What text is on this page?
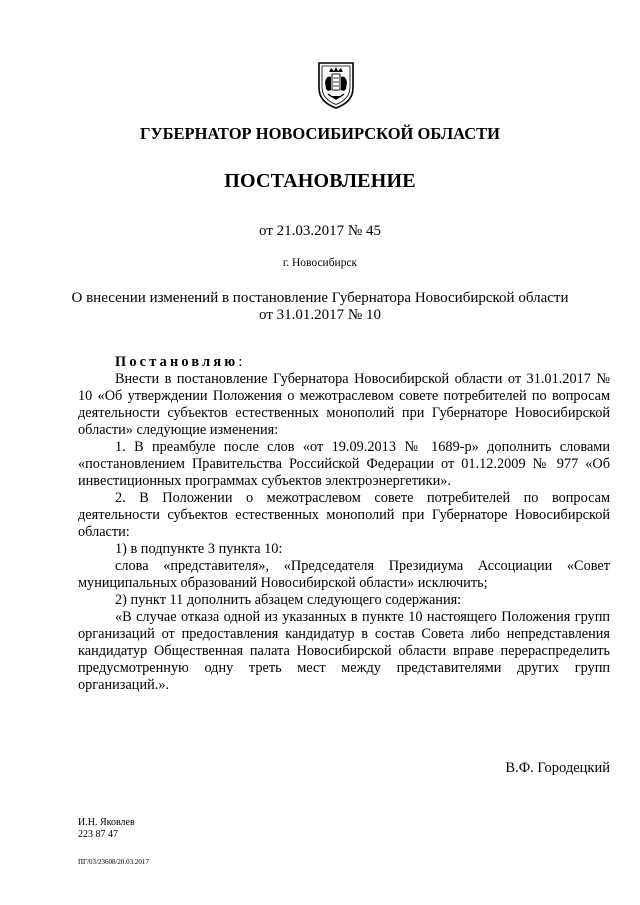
ГУБЕРНАТОР НОВОСИБИРСКОЙ ОБЛАСТИ
ПОСТАНОВЛЕНИЕ
от 21.03.2017 № 45
г. Новосибирск
О внесении изменений в постановление Губернатора Новосибирской области
от 31.01.2017 № 10

Постановляю:

Внести в постановление Губернатора Новосибирской области от 31.01.2017 № 10 «Об утверждении Положения о межотраслевом совете потребителей по вопросам деятельности субъектов естественных монополий при Губернаторе Новосибирской области» следующие изменения:

1. В преамбуле после слов «от 19.09.2013 № 1689-р» дополнить словами «постановлением Правительства Российской Федерации от 01.12.2009 № 977 «Об инвестиционных программах субъектов электроэнергетики».

2. В Положении о межотраслевом совете потребителей по вопросам деятельности субъектов естественных монополий при Губернаторе Новосибирской области:

1) в подпункте 3 пункта 10:

слова «представителя», «Председателя Президиума Ассоциации «Совет муниципальных образований Новосибирской области» исключить;

2) пункт 11 дополнить абзацем следующего содержания:

«В случае отказа одной из указанных в пункте 10 настоящего Положения групп организаций от предоставления кандидатур в состав Совета либо непредставления кандидатур Общественная палата Новосибирской области вправе перераспределить предусмотренную одну треть мест между представителями других групп организаций.».

В.Ф. Городецкий
И.Н. Яковлев
223 87 47
ПГ/03/23608/20.03.2017
